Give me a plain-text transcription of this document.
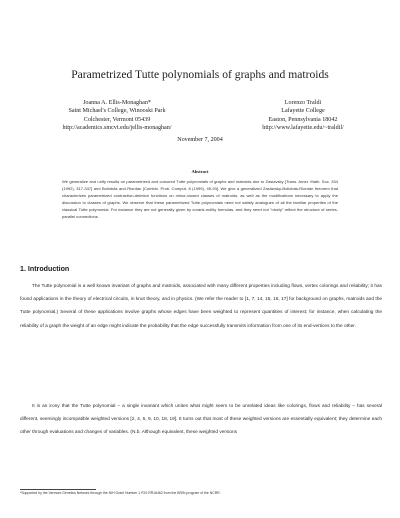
Parametrized Tutte polynomials of graphs and matroids
Joanna A. Ellis-Monaghan*
Saint Michael's College, Winooski Park
Colchester, Vermont 05439
http://academics.smcvt.edu/jellis-monaghan/
Lorenzo Traldi
Lafayette College
Easton, Pennsylvania 18042
http://www.lafayette.edu/~traldil/
November 7, 2004
Abstract
We generalize and unify results on parametrized and coloured Tutte polynomials of graphs and matroids due to Zaslavsky [Trans. Amer. Math. Soc. 334 (1992), 317-347] and Bollobás and Riordan [Combin. Prob. Comput. 8 (1999), 45-93]. We give a generalized Zaslavsky-Bollobás-Riordan theorem that characterizes parametrized contraction-deletion functions on minor-closed classes of matroids, as well as the modifications necessary to apply the discussion to classes of graphs. We observe that these parametrized Tutte polynomials need not satisfy analogues of all the familiar properties of the classical Tutte polynomial. For instance they are not generally given by corank-nullity formulas, and they need not "nicely" reflect the structure of series-parallel connections.
1. Introduction

The Tutte polynomial is a well known invariant of graphs and matroids, associated with many different properties including flows, vertex colorings and reliability; it has found applications in the theory of electrical circuits, in knot theory, and in physics. (We refer the reader to [1, 7, 14, 15, 16, 17] for background on graphs, matroids and the Tutte polynomial.) Several of these applications involve graphs whose edges have been weighted to represent quantities of interest; for instance, when calculating the reliability of a graph the weight of an edge might indicate the probability that the edge successfully transmits information from one of its end-vertices to the other.

It is an irony that the Tutte polynomial – a single invariant which unites what might seem to be unrelated ideas like colorings, flows and reliability – has several different, seemingly incompatible weighted versions [2, 4, 5, 9, 10, 18, 19]. It turns out that most of these weighted versions are essentially equivalent; they determine each other through evaluations and changes of variables. (N.b. Although equivalent, these weighted versions

*Supported by the Vermont Genetics Network through the NIH Grant Number 1 P20 RR16462 from the BRIN program of the NCRR.
